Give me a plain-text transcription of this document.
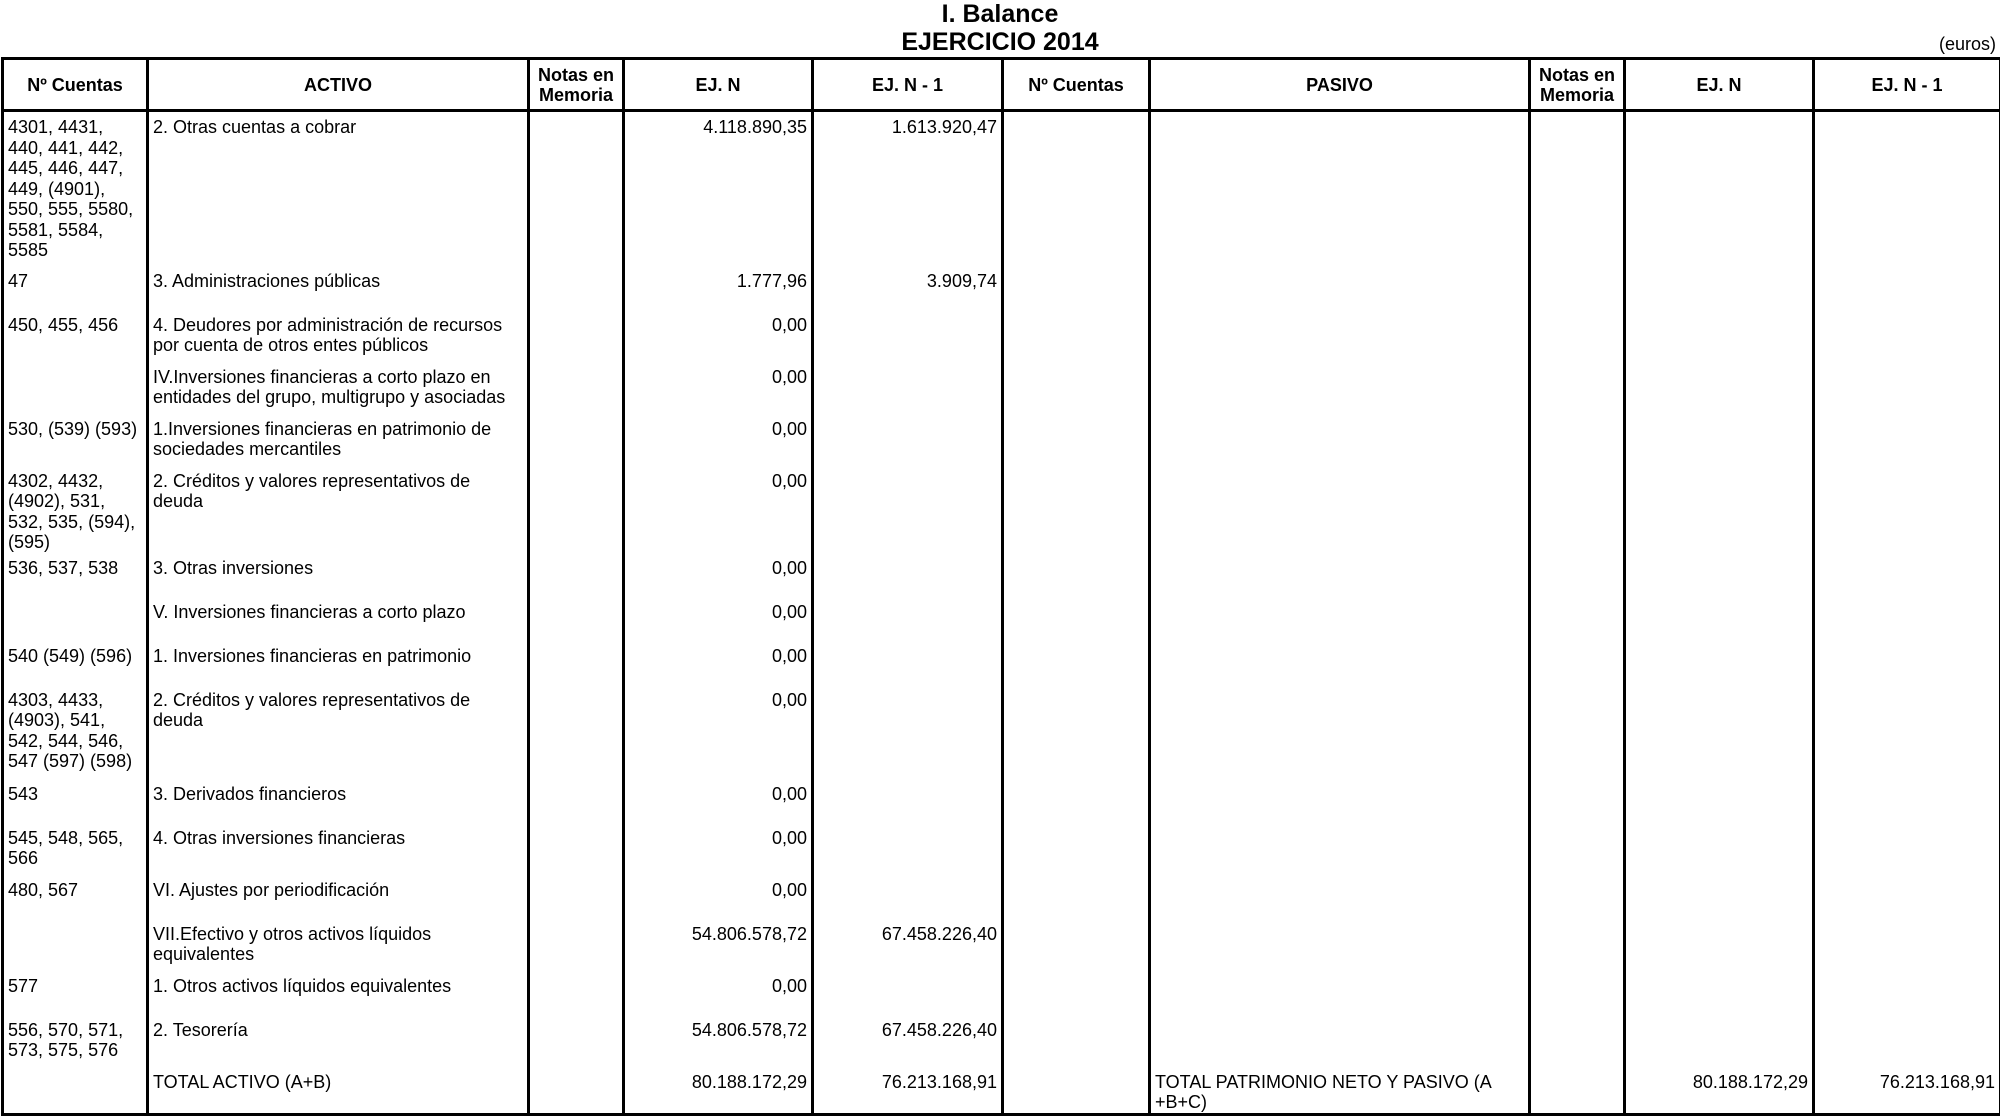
I. Balance
EJERCICIO 2014	(euros)
Nº Cuentas	ACTIVO	Notas en Memoria	EJ. N	EJ. N - 1	Nº Cuentas	PASIVO	Notas en Memoria	EJ. N	EJ. N - 1
4301, 4431, 440, 441, 442, 445, 446, 447, 449, (4901), 550, 555, 5580, 5581, 5584, 5585	2. Otras cuentas a cobrar		4.118.890,35	1.613.920,47					
47	3. Administraciones públicas		1.777,96	3.909,74					
450, 455, 456	4. Deudores por administración de recursos por cuenta de otros entes públicos		0,00						
	IV.Inversiones financieras a corto plazo en entidades del grupo, multigrupo y asociadas		0,00						
530, (539) (593)	1.Inversiones financieras en patrimonio de sociedades mercantiles		0,00						
4302, 4432, (4902), 531, 532, 535, (594), (595)	2. Créditos y valores representativos de deuda		0,00						
536, 537, 538	3. Otras inversiones		0,00						
	V. Inversiones financieras a corto plazo		0,00						
540 (549) (596)	1. Inversiones financieras en patrimonio		0,00						
4303, 4433, (4903), 541, 542, 544, 546, 547 (597) (598)	2. Créditos y valores representativos de deuda		0,00						
543	3. Derivados financieros		0,00						
545, 548, 565, 566	4. Otras inversiones financieras		0,00						
480, 567	VI. Ajustes por periodificación		0,00						
	VII.Efectivo y otros activos líquidos equivalentes		54.806.578,72	67.458.226,40					
577	1. Otros activos líquidos equivalentes		0,00						
556, 570, 571, 573, 575, 576	2. Tesorería		54.806.578,72	67.458.226,40					
	TOTAL ACTIVO (A+B)		80.188.172,29	76.213.168,91		TOTAL PATRIMONIO NETO Y PASIVO (A +B+C)		80.188.172,29	76.213.168,91
